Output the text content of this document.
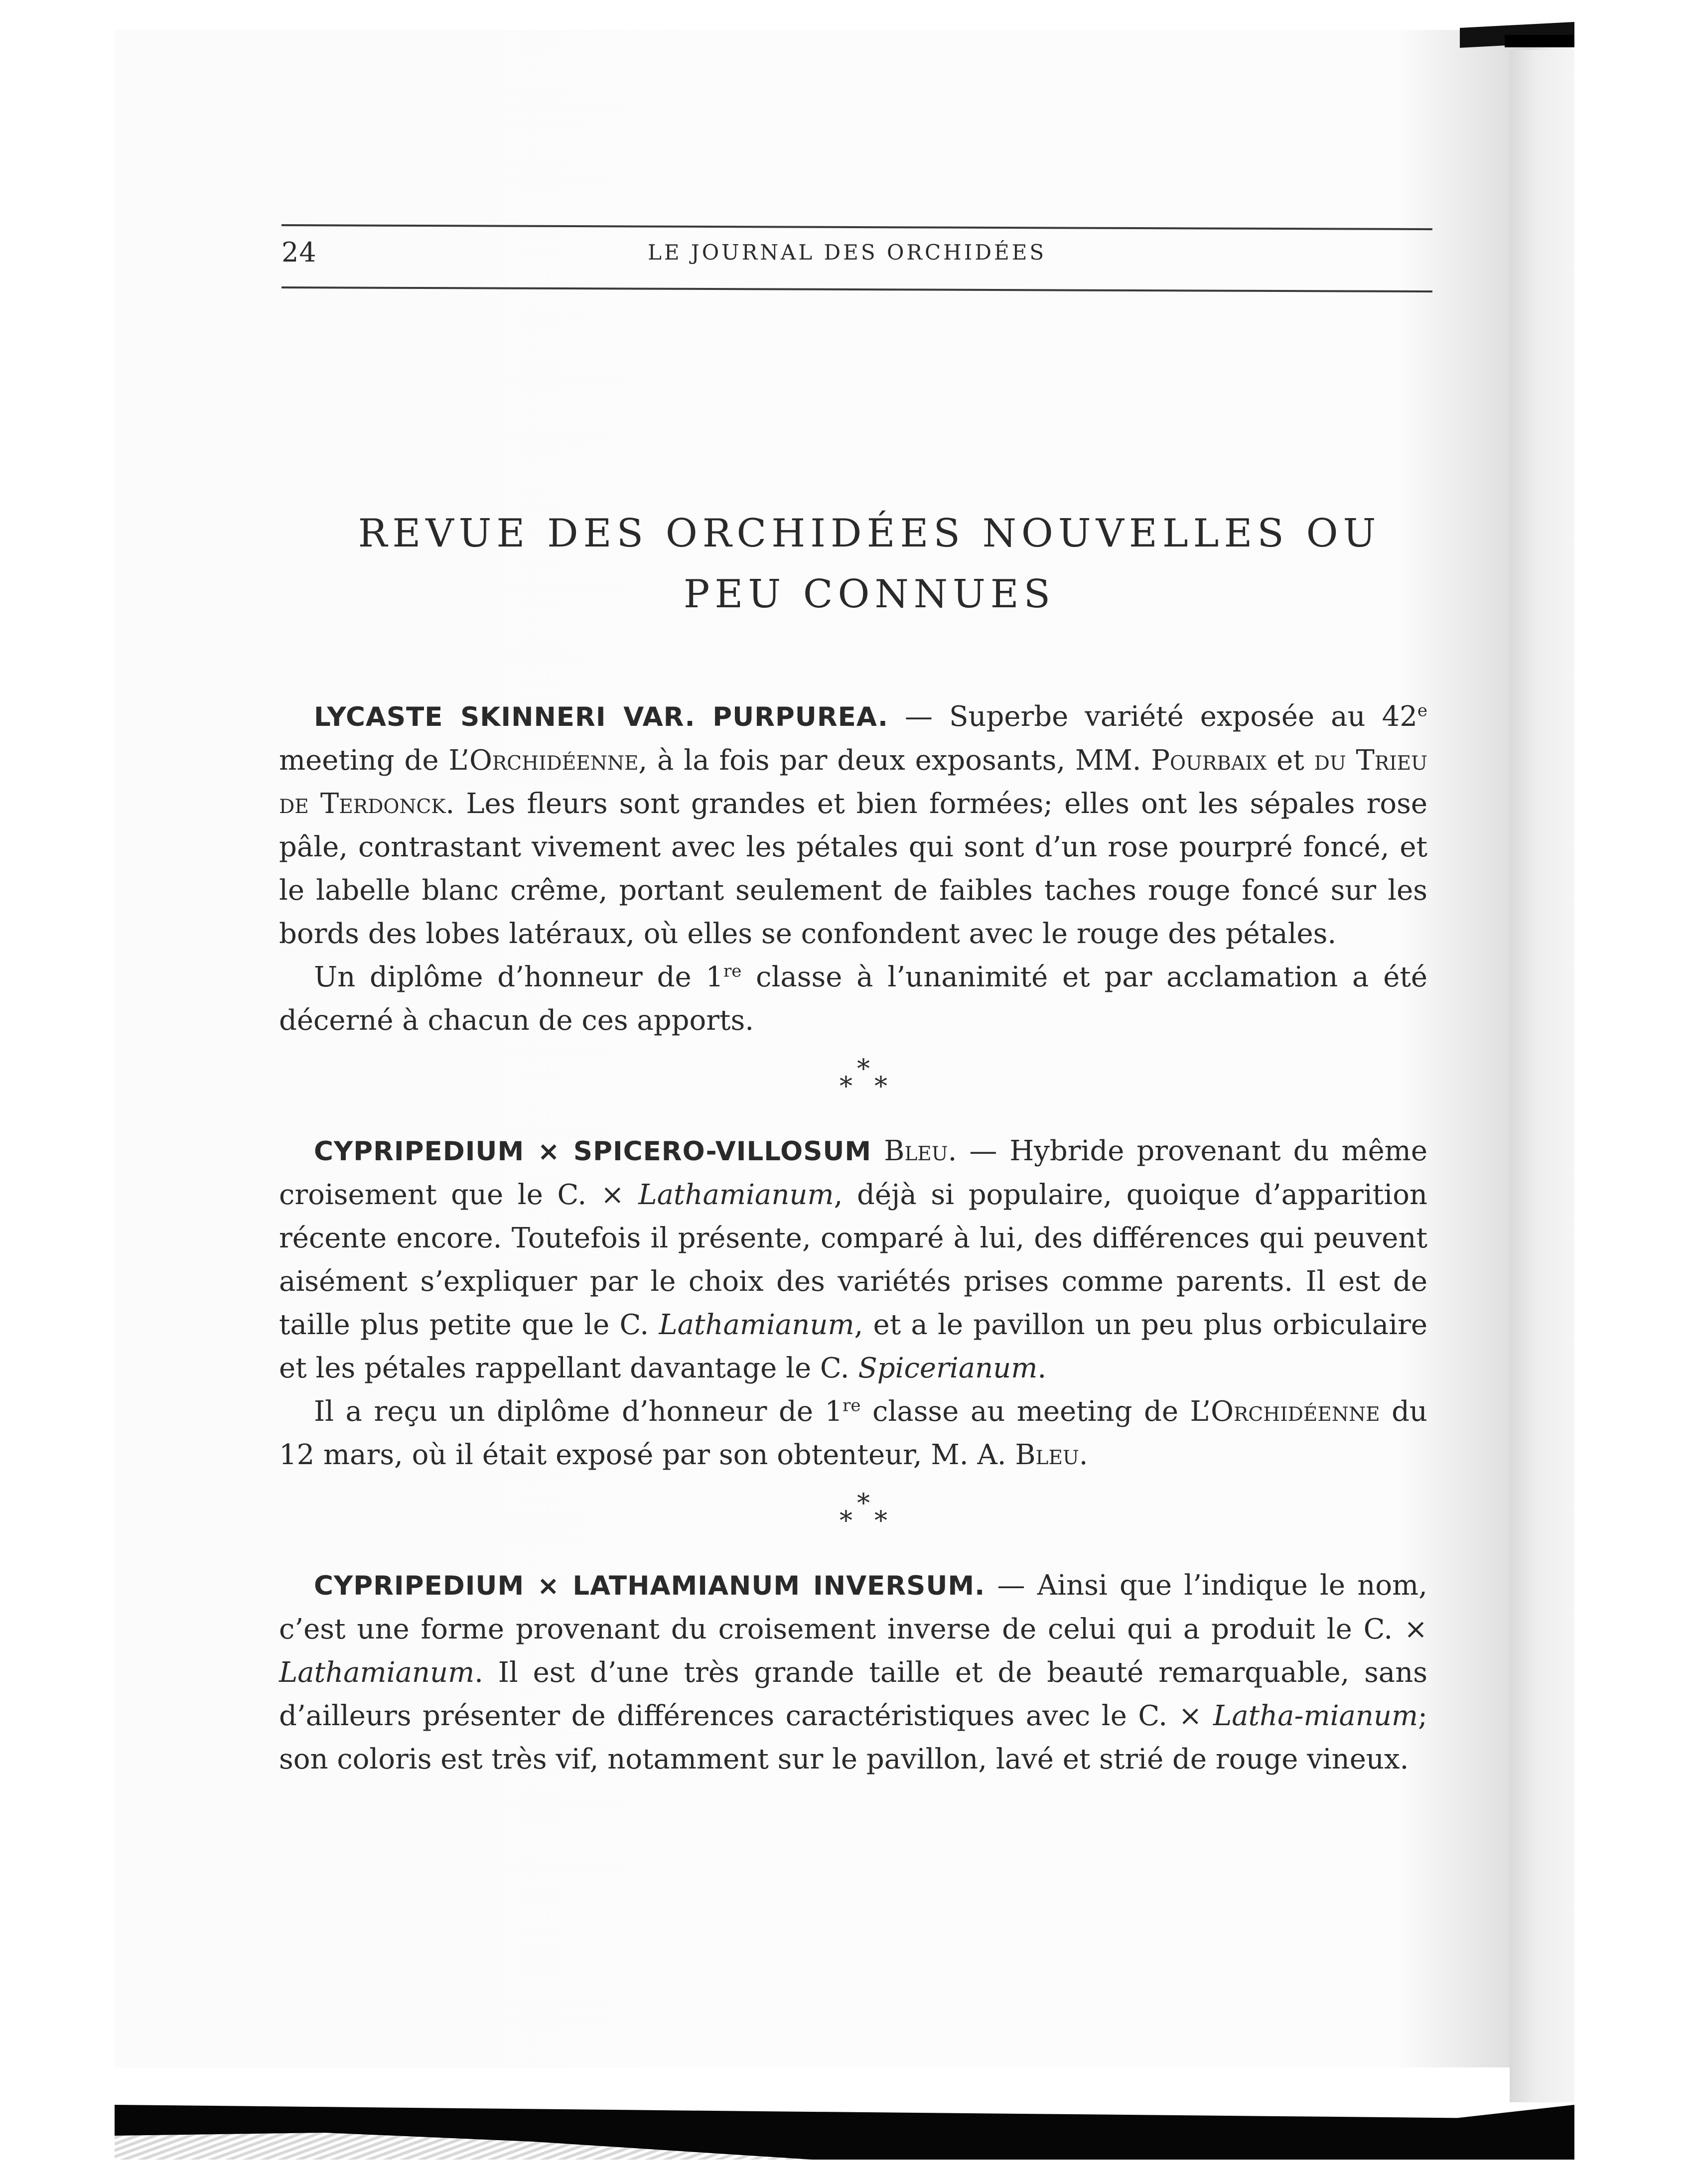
24	LE JOURNAL DES ORCHIDÉES
REVUE DES ORCHIDÉES NOUVELLES OU
PEU CONNUES

LYCASTE SKINNERI VAR. PURPUREA. — Superbe variété exposée au 42e meeting de L’Orchidéenne, à la fois par deux exposants, MM. Pourbaix et du Trieu de Terdonck. Les fleurs sont grandes et bien formées; elles ont les sépales rose pâle, contrastant vivement avec les pétales qui sont d’un rose pourpré foncé, et le labelle blanc crême, portant seulement de faibles taches rouge foncé sur les bords des lobes latéraux, où elles se confondent avec le rouge des pétales.

Un diplôme d’honneur de 1re classe à l’unanimité et par acclamation a été décerné à chacun de ces apports.

*
* *

CYPRIPEDIUM × SPICERO-VILLOSUM Bleu. — Hybride provenant du même croisement que le C. × Lathamianum, déjà si populaire, quoique d’apparition récente encore. Toutefois il présente, comparé à lui, des différences qui peuvent aisément s’expliquer par le choix des variétés prises comme parents. Il est de taille plus petite que le C. Lathamianum, et a le pavillon un peu plus orbiculaire et les pétales rappellant davantage le C. Spicerianum.

Il a reçu un diplôme d’honneur de 1re classe au meeting de L’Orchidéenne du 12 mars, où il était exposé par son obtenteur, M. A. Bleu.

*
* *

CYPRIPEDIUM × LATHAMIANUM INVERSUM. — Ainsi que l’indique le nom, c’est une forme provenant du croisement inverse de celui qui a produit le C. × Lathamianum. Il est d’une très grande taille et de beauté remarquable, sans d’ailleurs présenter de différences caractéristiques avec le C. × Latha-mianum; son coloris est très vif, notamment sur le pavillon, lavé et strié de rouge vineux.
